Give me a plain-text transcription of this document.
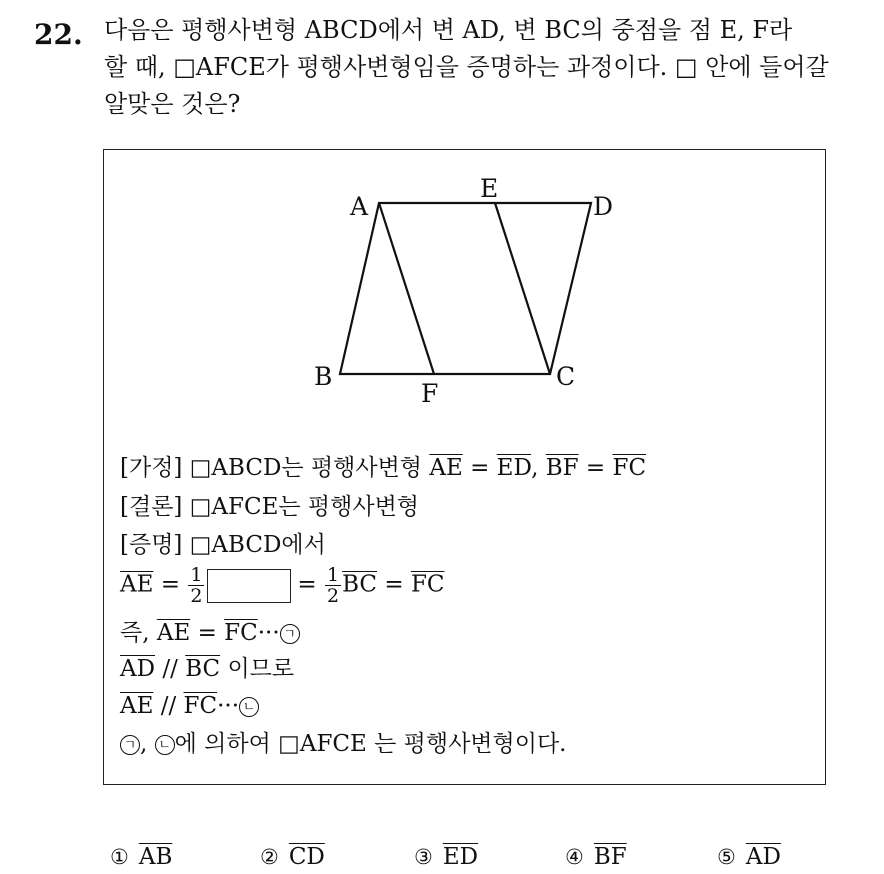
22. 다음은 평행사변형 ABCD에서 변 AD, 변 BC의 중점을 점 E, F라
할 때, □AFCE가 평행사변형임을 증명하는 과정이다. □ 안에 들어갈
알맞은 것은?
A
E
D
B	C
F
[가정] □ABCD는 평행사변형 $\overline{AE} = \overline{ED}$, $\overline{BF} = \overline{FC}$
[결론] □AFCE는 평행사변형
[증명] □ABCD에서
$\overline{AE} = \frac{1}{2}$	= $\frac{1}{2} \overline{BC} = \overline{FC}$
즉, $\overline{AE} = \overline{FC}\cdot\cdot\cdot$ ㄱ
$\overline{AD} // \overline{BC}$ 이므로
$\overline{AE} // \overline{FC}\cdot\cdot\cdot$ ㄴ
ㄱ , ㄴ 에 의하여 □AFCE 는 평행사변형이다.
① $\overline{AB}$	② $\overline{CD}$	③ $\overline{ED}$	④ $\overline{BF}$	⑤ $\overline{AD}$
